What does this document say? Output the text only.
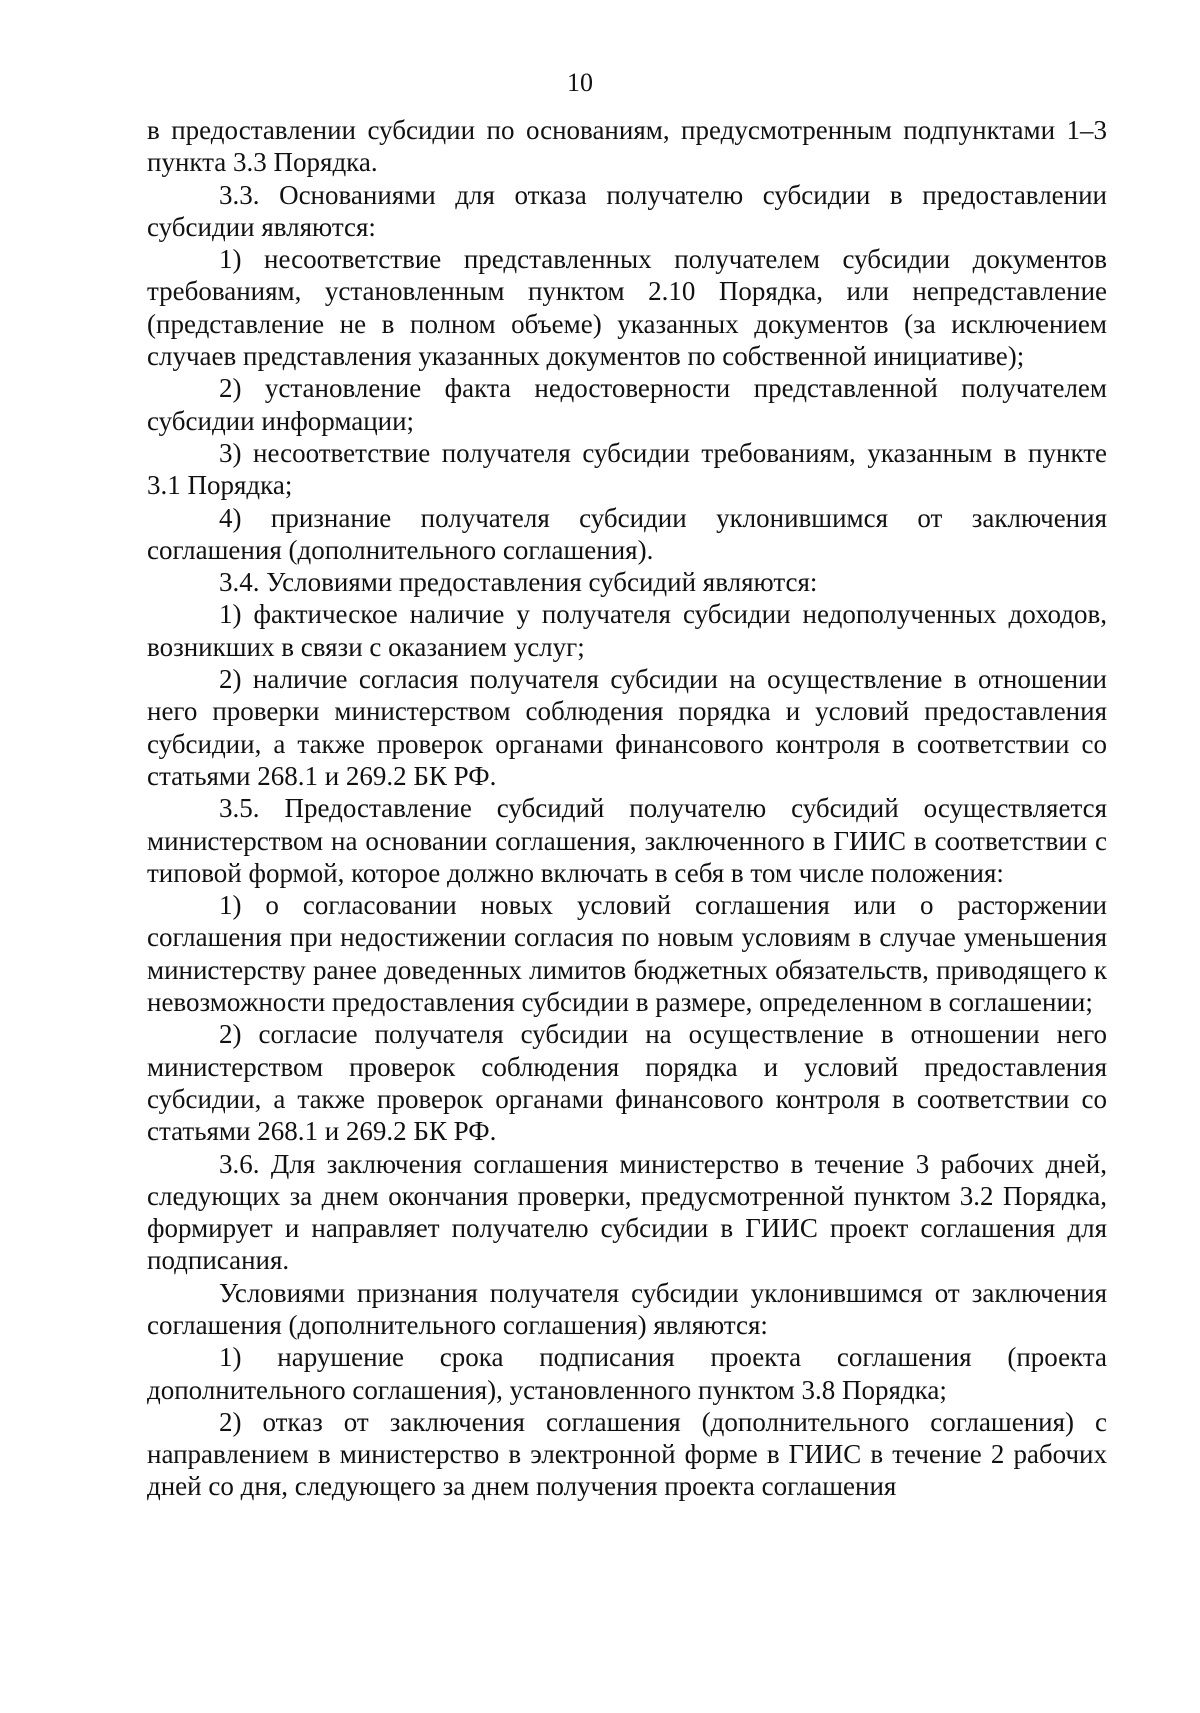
10

в предоставлении субсидии по основаниям, предусмотренным подпунктами 1–3 пункта 3.3 Порядка.

3.3. Основаниями для отказа получателю субсидии в предоставлении субсидии являются:

1) несоответствие представленных получателем субсидии документов требованиям, установленным пунктом 2.10 Порядка, или непредставление (представление не в полном объеме) указанных документов (за исключением случаев представления указанных документов по собственной инициативе);

2) установление факта недостоверности представленной получателем субсидии информации;

3) несоответствие получателя субсидии требованиям, указанным в пункте 3.1 Порядка;

4) признание получателя субсидии уклонившимся от заключения соглашения (дополнительного соглашения).

3.4. Условиями предоставления субсидий являются:

1) фактическое наличие у получателя субсидии недополученных доходов, возникших в связи с оказанием услуг;

2) наличие согласия получателя субсидии на осуществление в отношении него проверки министерством соблюдения порядка и условий предоставления субсидии, а также проверок органами финансового контроля в соответствии со статьями 268.1 и 269.2 БК РФ.

3.5. Предоставление субсидий получателю субсидий осуществляется министерством на основании соглашения, заключенного в ГИИС в соответствии с типовой формой, которое должно включать в себя в том числе положения:

1) о согласовании новых условий соглашения или о расторжении соглашения при недостижении согласия по новым условиям в случае уменьшения министерству ранее доведенных лимитов бюджетных обязательств, приводящего к невозможности предоставления субсидии в размере, определенном в соглашении;

2) согласие получателя субсидии на осуществление в отношении него министерством проверок соблюдения порядка и условий предоставления субсидии, а также проверок органами финансового контроля в соответствии со статьями 268.1 и 269.2 БК РФ.

3.6. Для заключения соглашения министерство в течение 3 рабочих дней, следующих за днем окончания проверки, предусмотренной пунктом 3.2 Порядка, формирует и направляет получателю субсидии в ГИИС проект соглашения для подписания.

Условиями признания получателя субсидии уклонившимся от заключения соглашения (дополнительного соглашения) являются:

1) нарушение срока подписания проекта соглашения (проекта дополнительного соглашения), установленного пунктом 3.8 Порядка;

2) отказ от заключения соглашения (дополнительного соглашения) с направлением в министерство в электронной форме в ГИИС в течение 2 рабочих дней со дня, следующего за днем получения проекта соглашения
